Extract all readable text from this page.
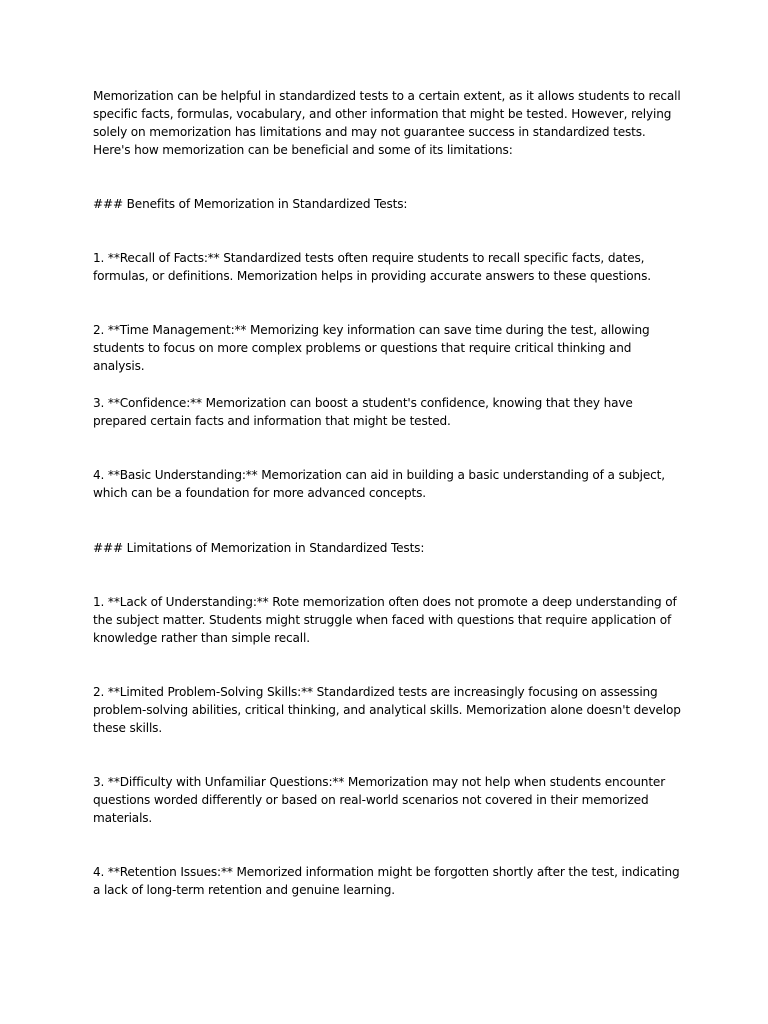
Memorization can be helpful in standardized tests to a certain extent, as it allows students to recall specific facts, formulas, vocabulary, and other information that might be tested. However, relying solely on memorization has limitations and may not guarantee success in standardized tests. Here's how memorization can be beneficial and some of its limitations:

### Benefits of Memorization in Standardized Tests:

1. **Recall of Facts:** Standardized tests often require students to recall specific facts, dates, formulas, or definitions. Memorization helps in providing accurate answers to these questions.

2. **Time Management:** Memorizing key information can save time during the test, allowing students to focus on more complex problems or questions that require critical thinking and analysis.

3. **Confidence:** Memorization can boost a student's confidence, knowing that they have prepared certain facts and information that might be tested.

4. **Basic Understanding:** Memorization can aid in building a basic understanding of a subject, which can be a foundation for more advanced concepts.

### Limitations of Memorization in Standardized Tests:

1. **Lack of Understanding:** Rote memorization often does not promote a deep understanding of the subject matter. Students might struggle when faced with questions that require application of knowledge rather than simple recall.

2. **Limited Problem-Solving Skills:** Standardized tests are increasingly focusing on assessing problem-solving abilities, critical thinking, and analytical skills. Memorization alone doesn't develop these skills.

3. **Difficulty with Unfamiliar Questions:** Memorization may not help when students encounter questions worded differently or based on real-world scenarios not covered in their memorized materials.

4. **Retention Issues:** Memorized information might be forgotten shortly after the test, indicating a lack of long-term retention and genuine learning.
